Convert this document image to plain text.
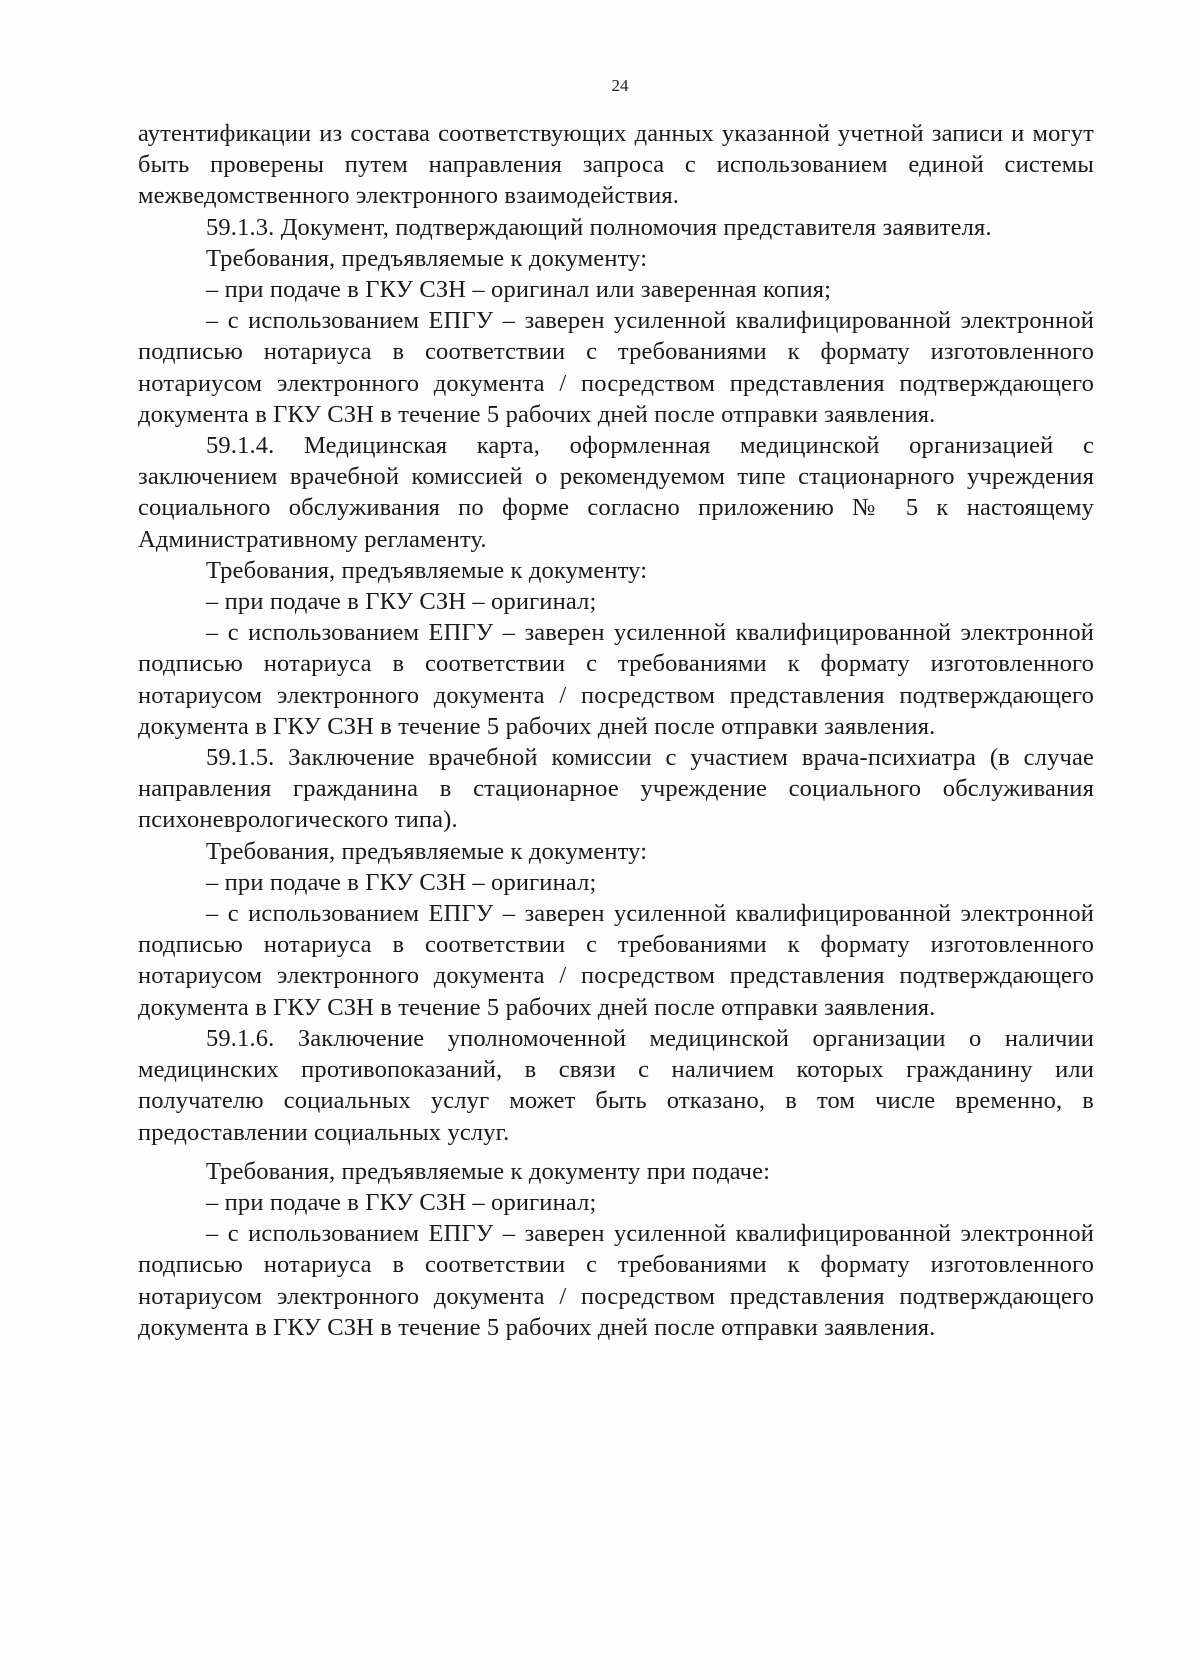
24

аутентификации из состава соответствующих данных указанной учетной записи и могут быть проверены путем направления запроса с использованием единой системы межведомственного электронного взаимодействия.

59.1.3. Документ, подтверждающий полномочия представителя заявителя.

Требования, предъявляемые к документу:

– при подаче в ГКУ СЗН – оригинал или заверенная копия;

– с использованием ЕПГУ – заверен усиленной квалифицированной электронной подписью нотариуса в соответствии с требованиями к формату изготовленного нотариусом электронного документа / посредством представления подтверждающего документа в ГКУ СЗН в течение 5 рабочих дней после отправки заявления.

59.1.4. Медицинская карта, оформленная медицинской организацией с заключением врачебной комиссией о рекомендуемом типе стационарного учреждения социального обслуживания по форме согласно приложению № 5 к настоящему Административному регламенту.

Требования, предъявляемые к документу:

– при подаче в ГКУ СЗН – оригинал;

– с использованием ЕПГУ – заверен усиленной квалифицированной электронной подписью нотариуса в соответствии с требованиями к формату изготовленного нотариусом электронного документа / посредством представления подтверждающего документа в ГКУ СЗН в течение 5 рабочих дней после отправки заявления.

59.1.5. Заключение врачебной комиссии с участием врача-психиатра (в случае направления гражданина в стационарное учреждение социального обслуживания психоневрологического типа).

Требования, предъявляемые к документу:

– при подаче в ГКУ СЗН – оригинал;

– с использованием ЕПГУ – заверен усиленной квалифицированной электронной подписью нотариуса в соответствии с требованиями к формату изготовленного нотариусом электронного документа / посредством представления подтверждающего документа в ГКУ СЗН в течение 5 рабочих дней после отправки заявления.

59.1.6. Заключение уполномоченной медицинской организации о наличии медицинских противопоказаний, в связи с наличием которых гражданину или получателю социальных услуг может быть отказано, в том числе временно, в предоставлении социальных услуг.

Требования, предъявляемые к документу при подаче:

– при подаче в ГКУ СЗН – оригинал;

– с использованием ЕПГУ – заверен усиленной квалифицированной электронной подписью нотариуса в соответствии с требованиями к формату изготовленного нотариусом электронного документа / посредством представления подтверждающего документа в ГКУ СЗН в течение 5 рабочих дней после отправки заявления.
